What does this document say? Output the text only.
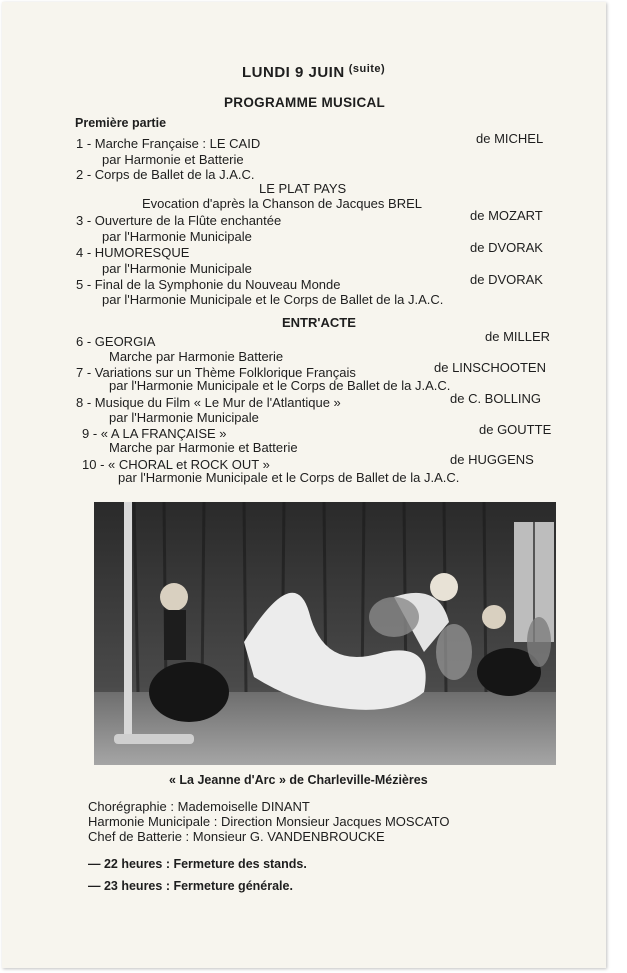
LUNDI 9 JUIN $^{(suite)}$
PROGRAMME MUSICAL
Première partie
1 - Marche Française : LE CAID	de MICHEL
par Harmonie et Batterie
2 - Corps de Ballet de la J.A.C.
LE PLAT PAYS
Evocation d'après la Chanson de Jacques BREL
3 - Ouverture de la Flûte enchantée	de MOZART
par l'Harmonie Municipale
4 - HUMORESQUE	de DVORAK
par l'Harmonie Municipale
5 - Final de la Symphonie du Nouveau Monde	de DVORAK
par l'Harmonie Municipale et le Corps de Ballet de la J.A.C.
ENTR'ACTE
6 - GEORGIA	de MILLER
Marche par Harmonie Batterie
7 - Variations sur un Thème Folklorique Français	de LINSCHOOTEN
par l'Harmonie Municipale et le Corps de Ballet de la J.A.C.
8 - Musique du Film « Le Mur de l'Atlantique »	de C. BOLLING
par l'Harmonie Municipale
9 - « A LA FRANÇAISE »	de GOUTTE
Marche par Harmonie et Batterie
10 - « CHORAL et ROCK OUT »	de HUGGENS
par l'Harmonie Municipale et le Corps de Ballet de la J.A.C.
« La Jeanne d'Arc » de Charleville-Mézières
Chorégraphie : Mademoiselle DINANT
Harmonie Municipale : Direction Monsieur Jacques MOSCATO
Chef de Batterie : Monsieur G. VANDENBROUCKE
— 22 heures : Fermeture des stands.
— 23 heures : Fermeture générale.
